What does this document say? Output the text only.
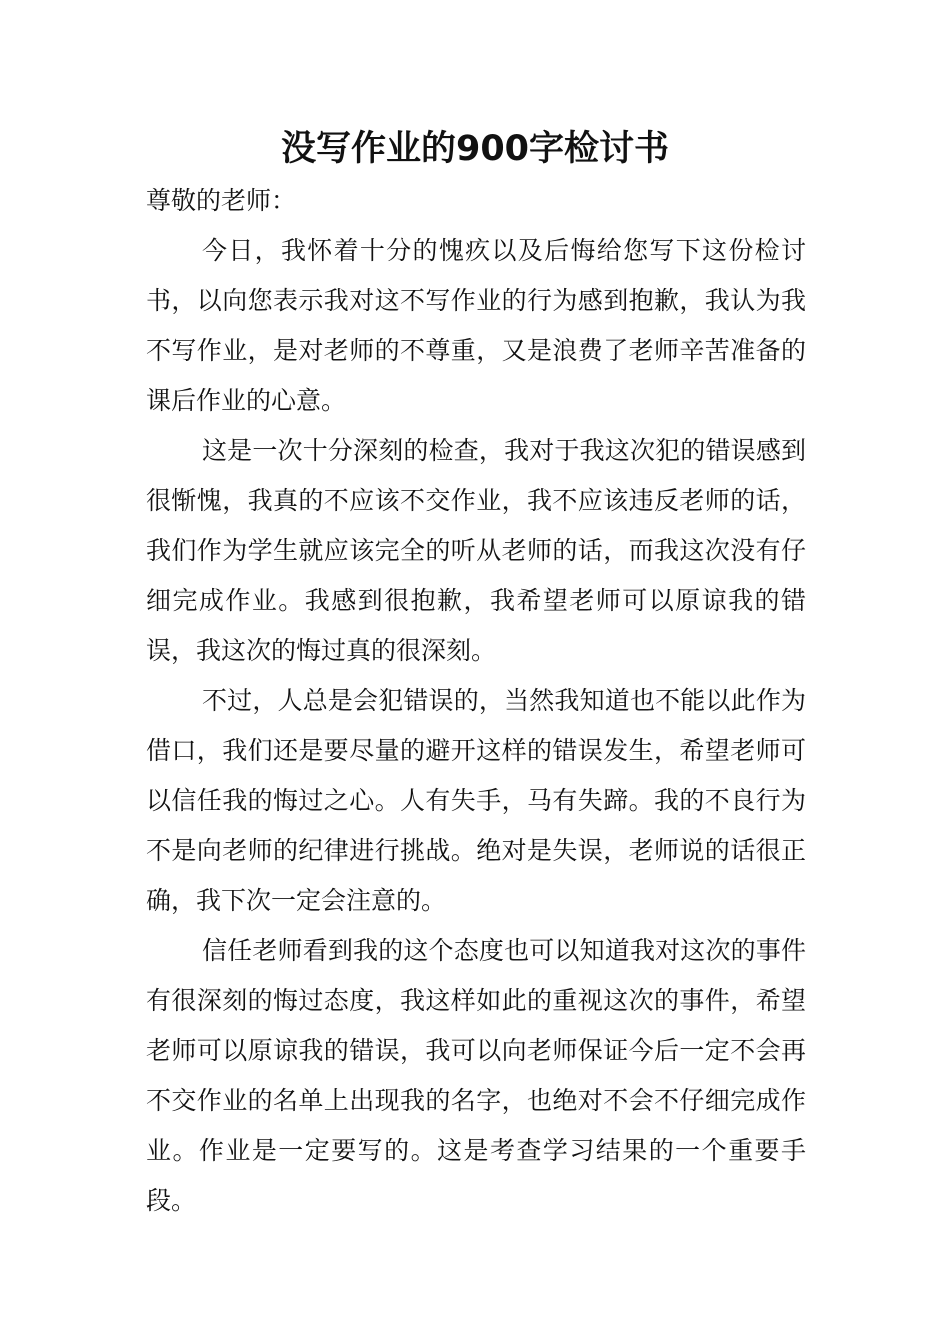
没写作业的900字检讨书

尊敬的老师：

今日，我怀着十分的愧疚以及后悔给您写下这份检讨书，以向您表示我对这不写作业的行为感到抱歉，我认为我不写作业，是对老师的不尊重，又是浪费了老师辛苦准备的课后作业的心意。

这是一次十分深刻的检查，我对于我这次犯的错误感到很惭愧，我真的不应该不交作业，我不应该违反老师的话，我们作为学生就应该完全的听从老师的话，而我这次没有仔细完成作业。我感到很抱歉，我希望老师可以原谅我的错误，我这次的悔过真的很深刻。

不过，人总是会犯错误的，当然我知道也不能以此作为借口，我们还是要尽量的避开这样的错误发生，希望老师可以信任我的悔过之心。人有失手，马有失蹄。我的不良行为不是向老师的纪律进行挑战。绝对是失误，老师说的话很正确，我下次一定会注意的。

信任老师看到我的这个态度也可以知道我对这次的事件有很深刻的悔过态度，我这样如此的重视这次的事件，希望老师可以原谅我的错误，我可以向老师保证今后一定不会再不交作业的名单上出现我的名字，也绝对不会不仔细完成作业。作业是一定要写的。这是考查学习结果的一个重要手段。
